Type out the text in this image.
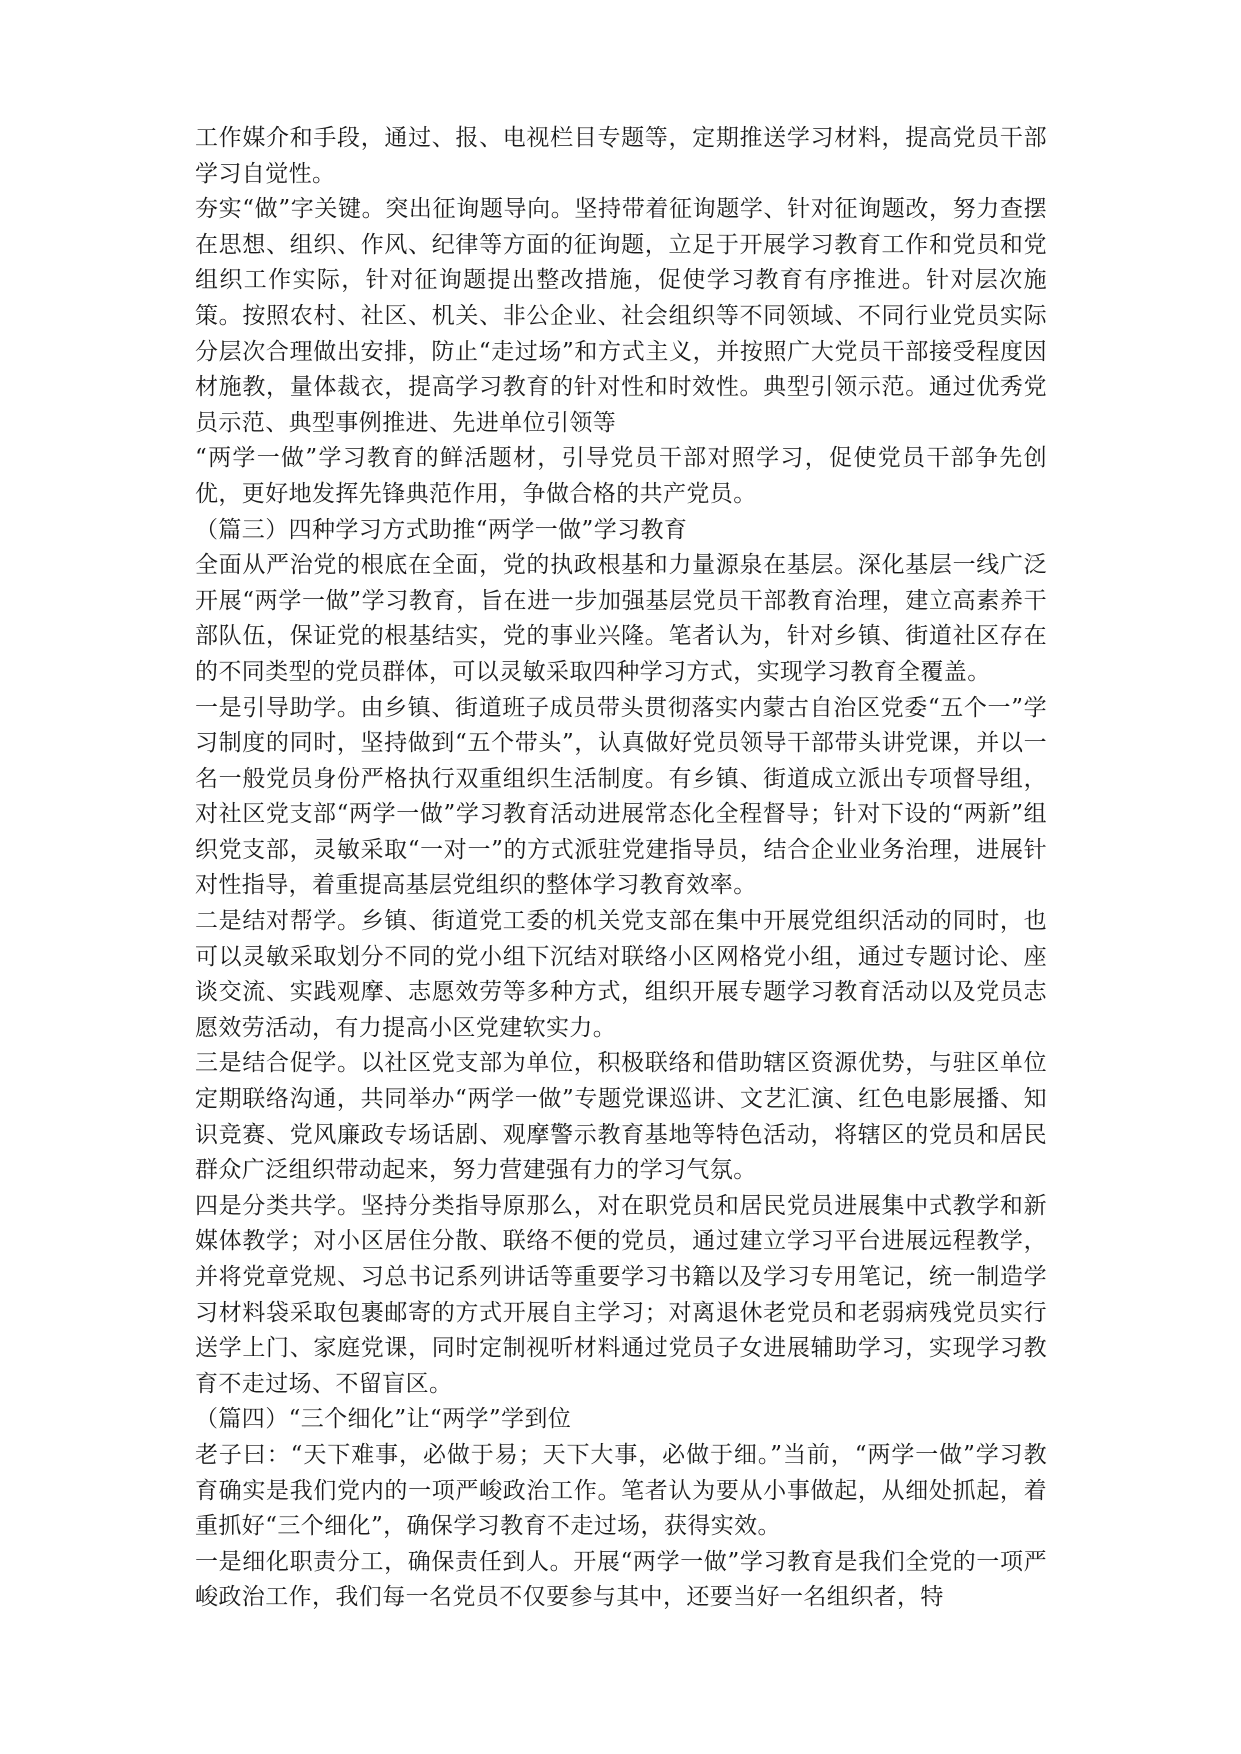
工作媒介和手段，通过、报、电视栏目专题等，定期推送学习材料，提高党员干部学习自觉性。

夯实“做”字关键。突出征询题导向。坚持带着征询题学、针对征询题改，努力查摆在思想、组织、作风、纪律等方面的征询题，立足于开展学习教育工作和党员和党组织工作实际，针对征询题提出整改措施，促使学习教育有序推进。针对层次施策。按照农村、社区、机关、非公企业、社会组织等不同领域、不同行业党员实际分层次合理做出安排，防止“走过场”和方式主义，并按照广大党员干部接受程度因材施教，量体裁衣，提高学习教育的针对性和时效性。典型引领示范。通过优秀党员示范、典型事例推进、先进单位引领等

“两学一做”学习教育的鲜活题材，引导党员干部对照学习，促使党员干部争先创优，更好地发挥先锋典范作用，争做合格的共产党员。

（篇三）四种学习方式助推“两学一做”学习教育

全面从严治党的根底在全面，党的执政根基和力量源泉在基层。深化基层一线广泛开展“两学一做”学习教育，旨在进一步加强基层党员干部教育治理，建立高素养干部队伍，保证党的根基结实，党的事业兴隆。笔者认为，针对乡镇、街道社区存在的不同类型的党员群体，可以灵敏采取四种学习方式，实现学习教育全覆盖。

一是引导助学。由乡镇、街道班子成员带头贯彻落实内蒙古自治区党委“五个一”学习制度的同时，坚持做到“五个带头”，认真做好党员领导干部带头讲党课，并以一名一般党员身份严格执行双重组织生活制度。有乡镇、街道成立派出专项督导组，对社区党支部“两学一做”学习教育活动进展常态化全程督导；针对下设的“两新”组织党支部，灵敏采取“一对一”的方式派驻党建指导员，结合企业业务治理，进展针对性指导，着重提高基层党组织的整体学习教育效率。

二是结对帮学。乡镇、街道党工委的机关党支部在集中开展党组织活动的同时，也可以灵敏采取划分不同的党小组下沉结对联络小区网格党小组，通过专题讨论、座谈交流、实践观摩、志愿效劳等多种方式，组织开展专题学习教育活动以及党员志愿效劳活动，有力提高小区党建软实力。

三是结合促学。以社区党支部为单位，积极联络和借助辖区资源优势，与驻区单位定期联络沟通，共同举办“两学一做”专题党课巡讲、文艺汇演、红色电影展播、知识竞赛、党风廉政专场话剧、观摩警示教育基地等特色活动，将辖区的党员和居民群众广泛组织带动起来，努力营建强有力的学习气氛。

四是分类共学。坚持分类指导原那么，对在职党员和居民党员进展集中式教学和新媒体教学；对小区居住分散、联络不便的党员，通过建立学习平台进展远程教学，并将党章党规、习总书记系列讲话等重要学习书籍以及学习专用笔记，统一制造学习材料袋采取包裹邮寄的方式开展自主学习；对离退休老党员和老弱病残党员实行送学上门、家庭党课，同时定制视听材料通过党员子女进展辅助学习，实现学习教育不走过场、不留盲区。

（篇四）“三个细化”让“两学”学到位

老子曰：“天下难事，必做于易；天下大事，必做于细。”当前，“两学一做”学习教育确实是我们党内的一项严峻政治工作。笔者认为要从小事做起，从细处抓起，着重抓好“三个细化”，确保学习教育不走过场，获得实效。

一是细化职责分工，确保责任到人。开展“两学一做”学习教育是我们全党的一项严峻政治工作，我们每一名党员不仅要参与其中，还要当好一名组织者，特
